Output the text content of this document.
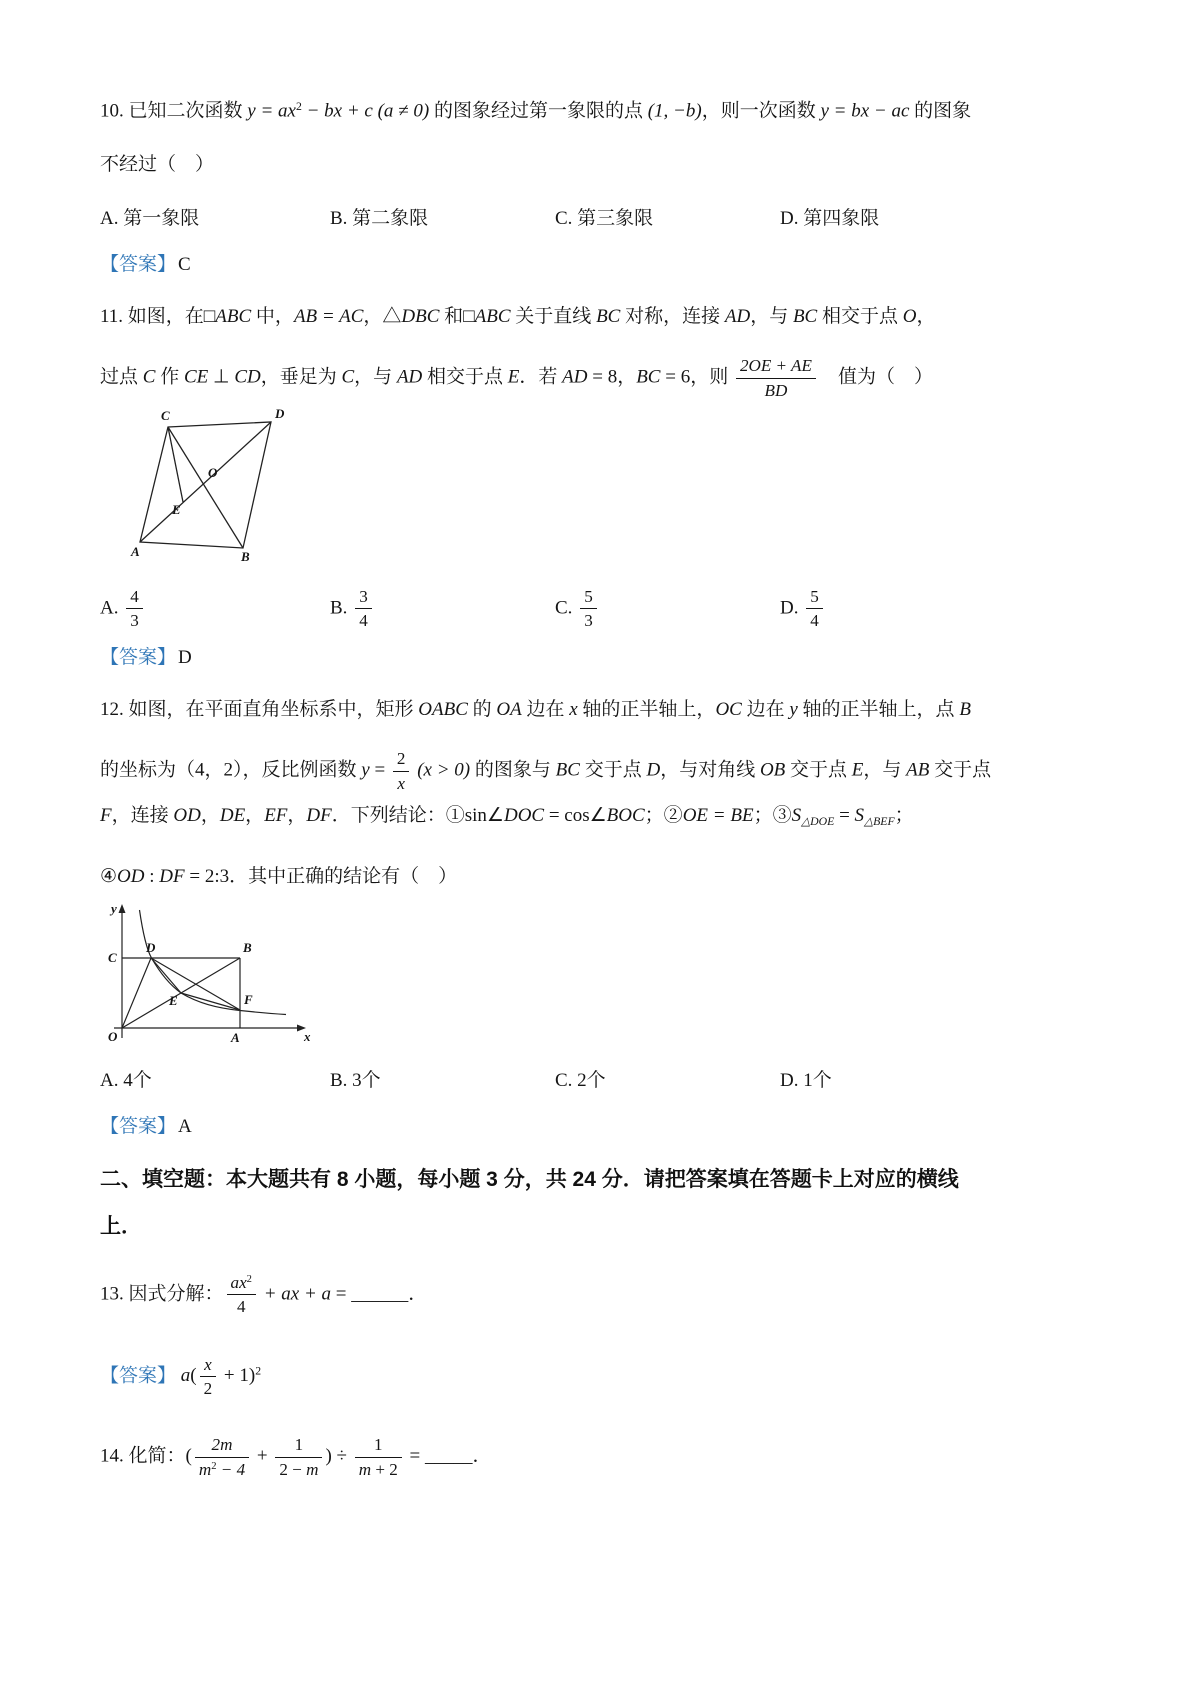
10. 已知二次函数 $y = ax^2$ − bx + c (a ≠ 0) 的图象经过第一象限的点 (1, −b)，则一次函数 y = bx − ac 的图象
不经过（　）
A. 第一象限	B. 第二象限	C. 第三象限	D. 第四象限
【答案】 C
11. 如图，在□ABC 中，AB = AC，△DBC 和□ABC 关于直线 BC 对称，连接 AD，与 BC 相交于点 O，
过点 C 作 CE ⊥ CD，垂足为 C，与 AD 相交于点 E．若 AD = 8，BC = 6，则 $\frac{2OE + AE}{BD}$ 　值为（　）
C	D
O
E
A	B
A. $\frac{4}{3}$	B. $\frac{3}{4}$	C. $\frac{5}{3}$	D. $\frac{5}{4}$
【答案】 D
12. 如图，在平面直角坐标系中，矩形 OABC 的 OA 边在 x 轴的正半轴上，OC 边在 y 轴的正半轴上，点 B
的坐标为（4，2），反比例函数 $y = \frac{2}{x} (x > 0)$ 的图象与 BC 交于点 D，与对角线 OB 交于点 E，与 AB 交于点
F，连接 OD，DE，EF，DF．下列结论：①sin∠DOC = cos∠BOC；②OE = BE；$③S_{\triangle DOE} = S_{\triangle BEF}$；
④OD : DF = 2:3．其中正确的结论有（　）
y
x
O
C
D	B
E	F
A
A. 4个	B. 3个	C. 2个	D. 1个
【答案】 A
二、填空题：本大题共有 8 小题，每小题 3 分，共 24 分．请把答案填在答题卡上对应的横线
上．
13. 因式分解： $\frac{ax^2}{4}$ + ax + a = ______．
【答案】 $a( \frac{x}{2} + 1)^2$
14. 化简：( $\frac{2m}{m^2 - 4} + \frac{1}{2 - m}$ ) ÷ $\frac{1}{m + 2}$ = _____．
